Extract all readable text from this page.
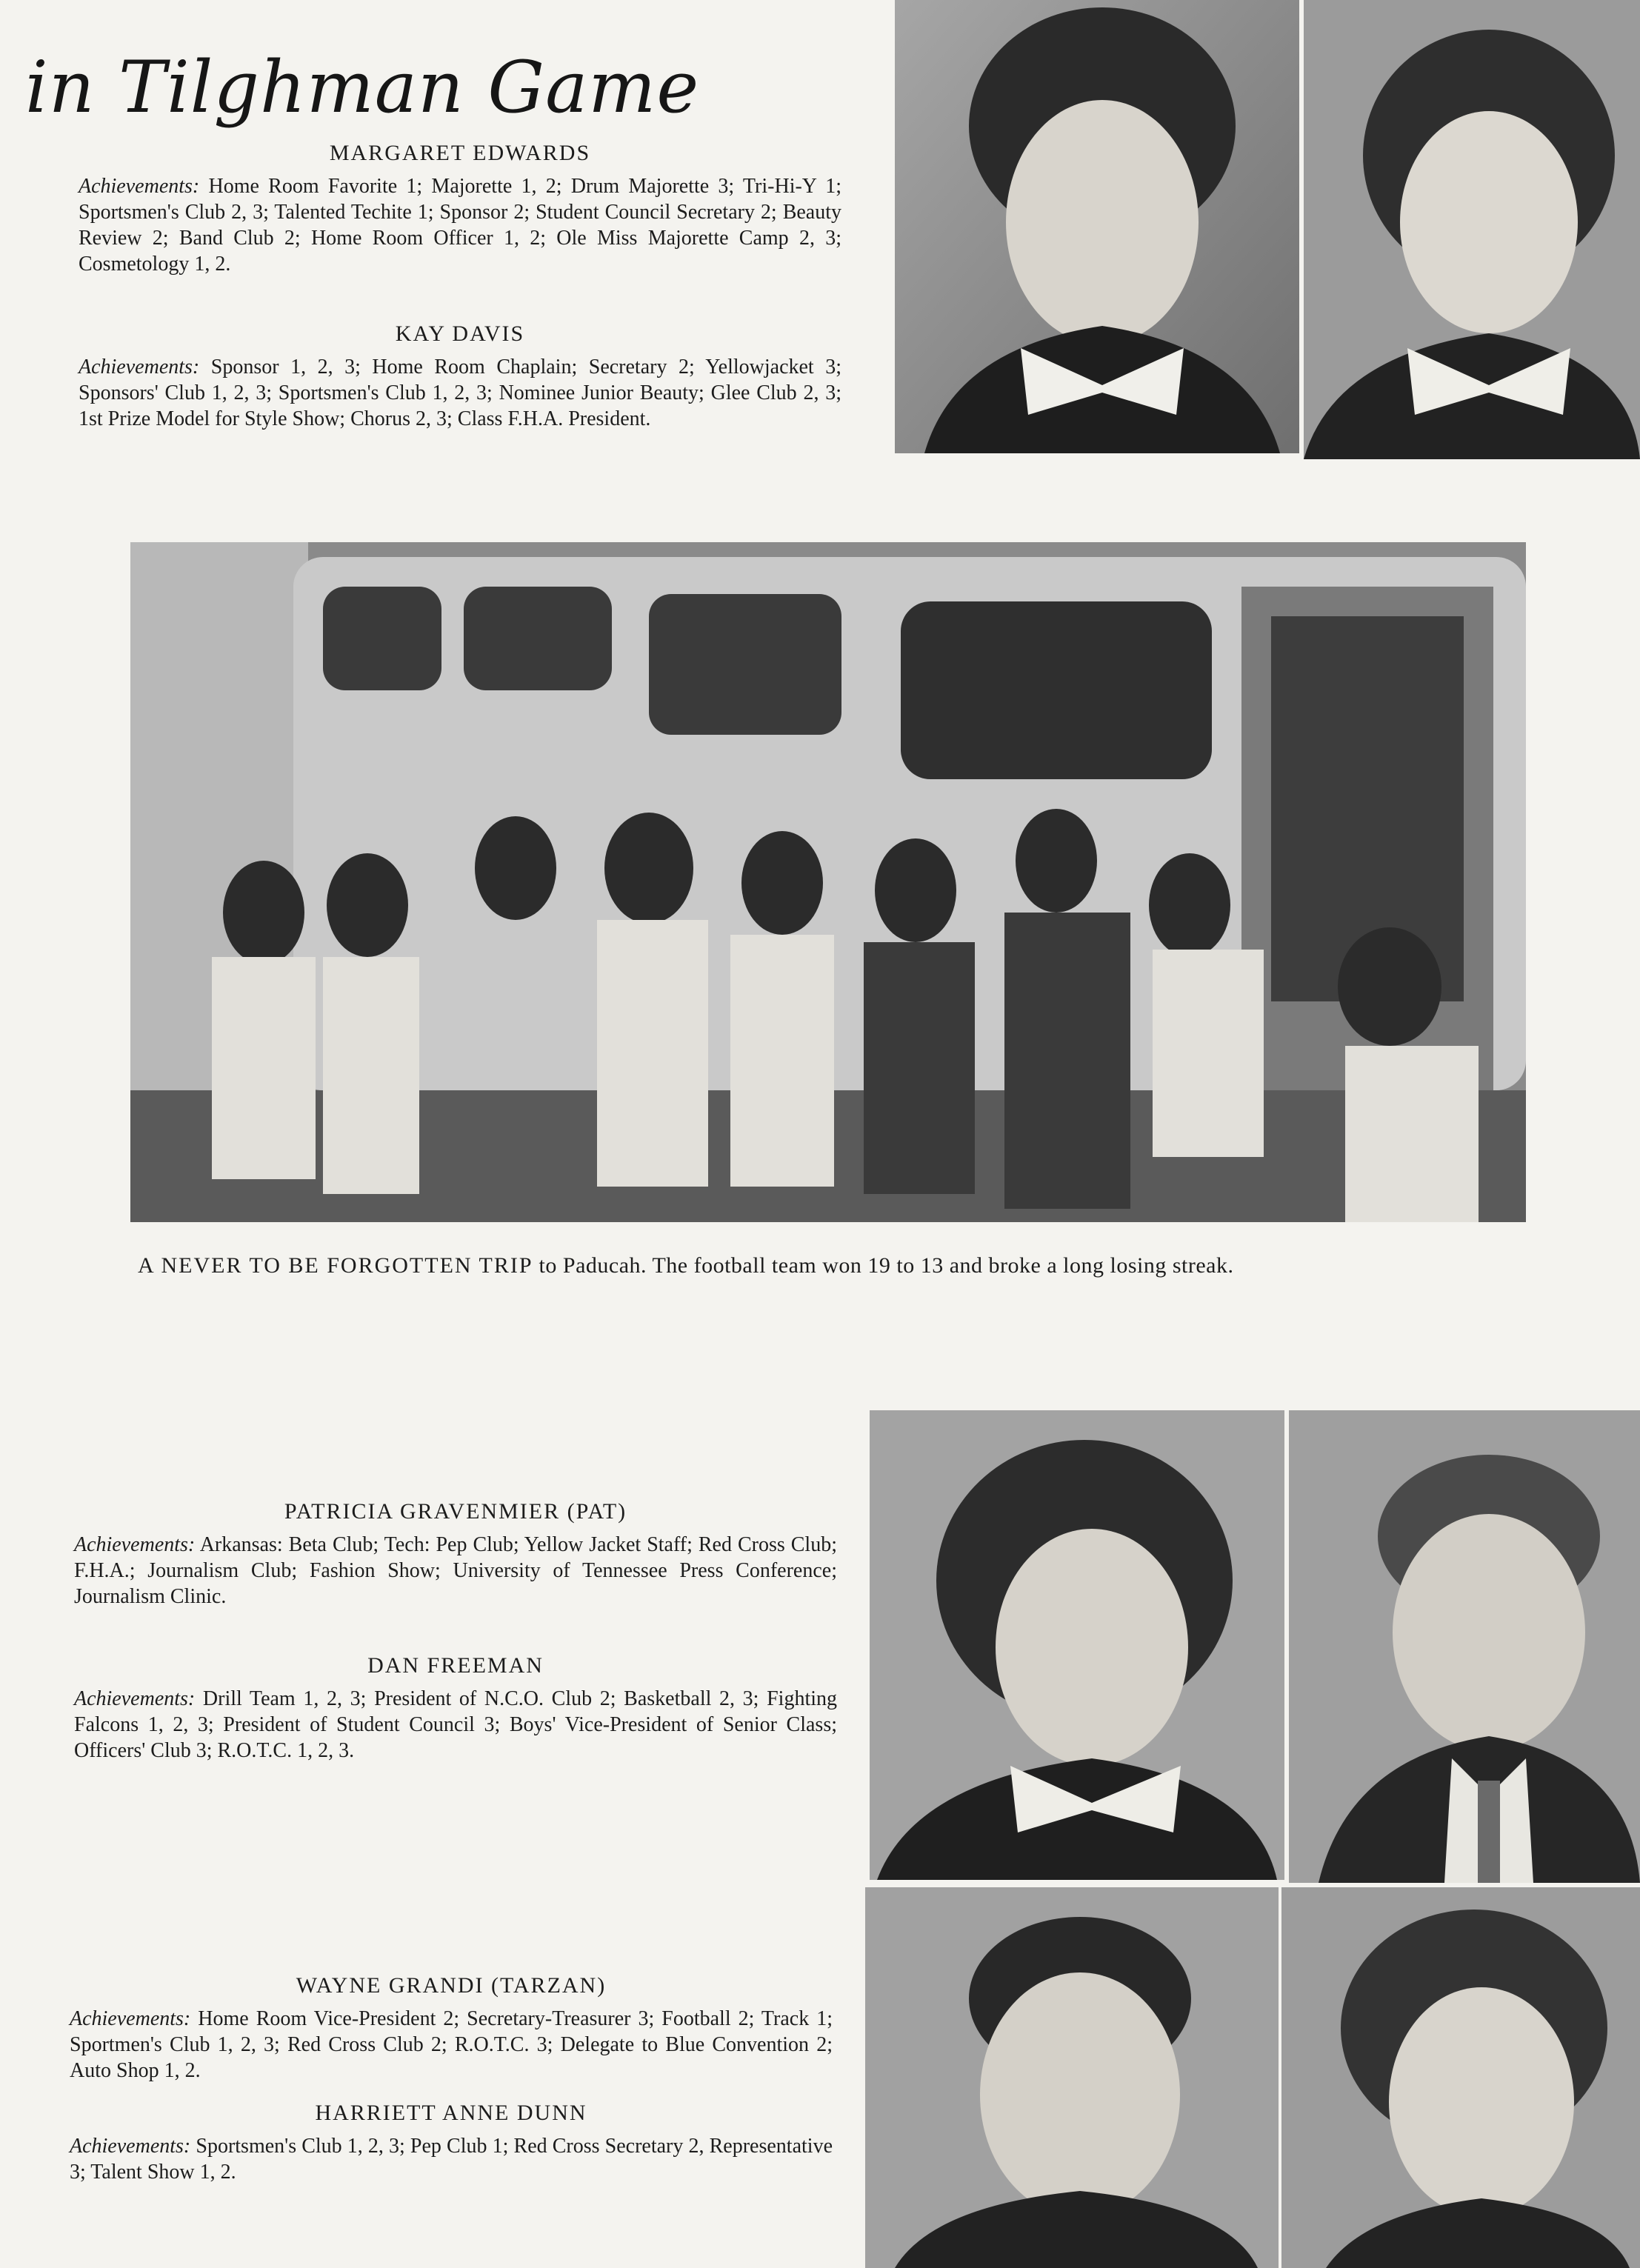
in Tilghman Game

MARGARET EDWARDS

Achievements: Home Room Favorite 1; Majorette 1, 2; Drum Majorette 3; Tri-Hi-Y 1; Sportsmen's Club 2, 3; Talented Techite 1; Sponsor 2; Student Council Secretary 2; Beauty Review 2; Band Club 2; Home Room Officer 1, 2; Ole Miss Majorette Camp 2, 3; Cosmetology 1, 2.

KAY DAVIS

Achievements: Sponsor 1, 2, 3; Home Room Chaplain; Secretary 2; Yellowjacket 3; Sponsors' Club 1, 2, 3; Sportsmen's Club 1, 2, 3; Nominee Junior Beauty; Glee Club 2, 3; 1st Prize Model for Style Show; Chorus 2, 3; Class F.H.A. President.

A NEVER TO BE FORGOTTEN TRIP to Paducah. The football team won 19 to 13 and broke a long losing streak.

PATRICIA GRAVENMIER (PAT)

Achievements: Arkansas: Beta Club; Tech: Pep Club; Yellow Jacket Staff; Red Cross Club; F.H.A.; Journalism Club; Fashion Show; University of Tennessee Press Conference; Journalism Clinic.

DAN FREEMAN

Achievements: Drill Team 1, 2, 3; President of N.C.O. Club 2; Basketball 2, 3; Fighting Falcons 1, 2, 3; President of Student Council 3; Boys' Vice-President of Senior Class; Officers' Club 3; R.O.T.C. 1, 2, 3.

WAYNE GRANDI (TARZAN)

Achievements: Home Room Vice-President 2; Secretary-Treasurer 3; Football 2; Track 1; Sportmen's Club 1, 2, 3; Red Cross Club 2; R.O.T.C. 3; Delegate to Blue Convention 2; Auto Shop 1, 2.

HARRIETT ANNE DUNN

Achievements: Sportsmen's Club 1, 2, 3; Pep Club 1; Red Cross Secretary 2, Representative 3; Talent Show 1, 2.
